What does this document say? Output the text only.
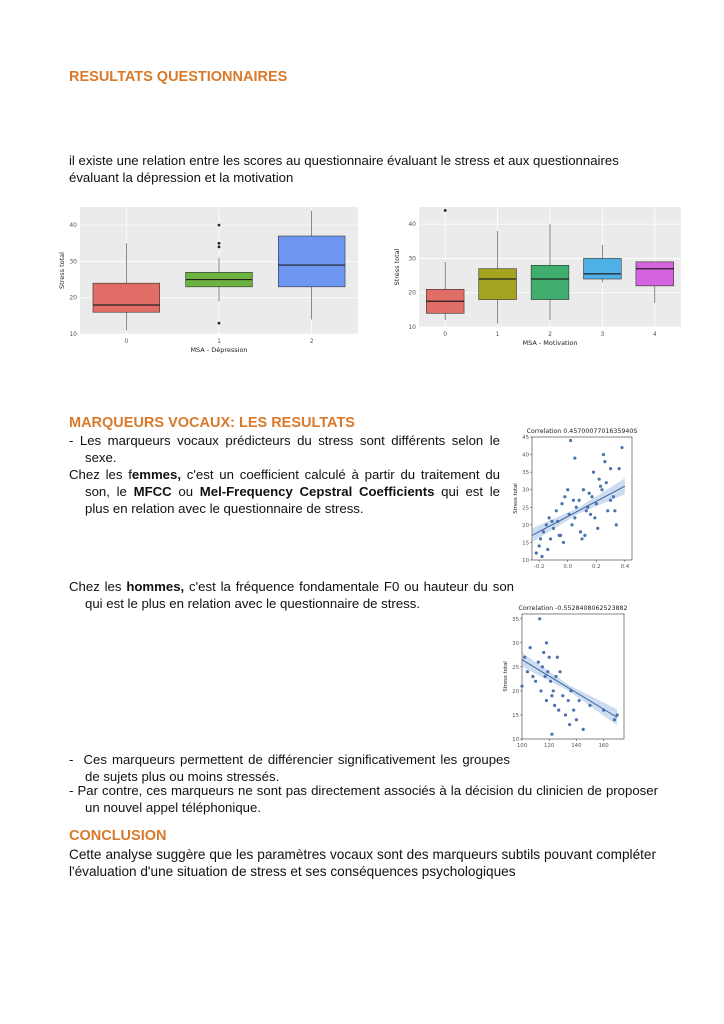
RESULTATS QUESTIONNAIRES
il existe une relation entre les scores au questionnaire évaluant le stress et aux questionnaires évaluant la dépression et la motivation
10
20
30
40
0	1	2
MSA - Dépression
Stress total
10
20
30
40
0	1	2	3	4
MSA - Motivation
Stress total
MARQUEURS VOCAUX: LES RESULTATS
- Les marqueurs vocaux prédicteurs du stress sont différents selon le sexe.
Chez les femmes, c'est un coefficient calculé à partir du traitement du son, le MFCC ou Mel-Frequency Cepstral Coefficients qui est le plus en relation avec le questionnaire de stress.
Correlation 0.4570007701635940S
10
15
20
25
30
35
40
45
-0.2	0.0	0.2	0.4
Stress total
Chez les hommes, c'est la fréquence fondamentale F0 ou hauteur du son qui est le plus en relation avec le questionnaire de stress.	Correlation -0.5528408062523882
10
15
20
25
30
35
100	120	140	160
Stress total
-  Ces marqueurs permettent de différencier significativement les groupes de sujets plus ou moins stressés.
- Par contre, ces marqueurs ne sont pas directement associés à la décision du clinicien de proposer un nouvel appel téléphonique.
CONCLUSION
Cette analyse suggère que les paramètres vocaux sont des marqueurs subtils pouvant compléter l'évaluation d'une situation de stress et ses conséquences psychologiques
